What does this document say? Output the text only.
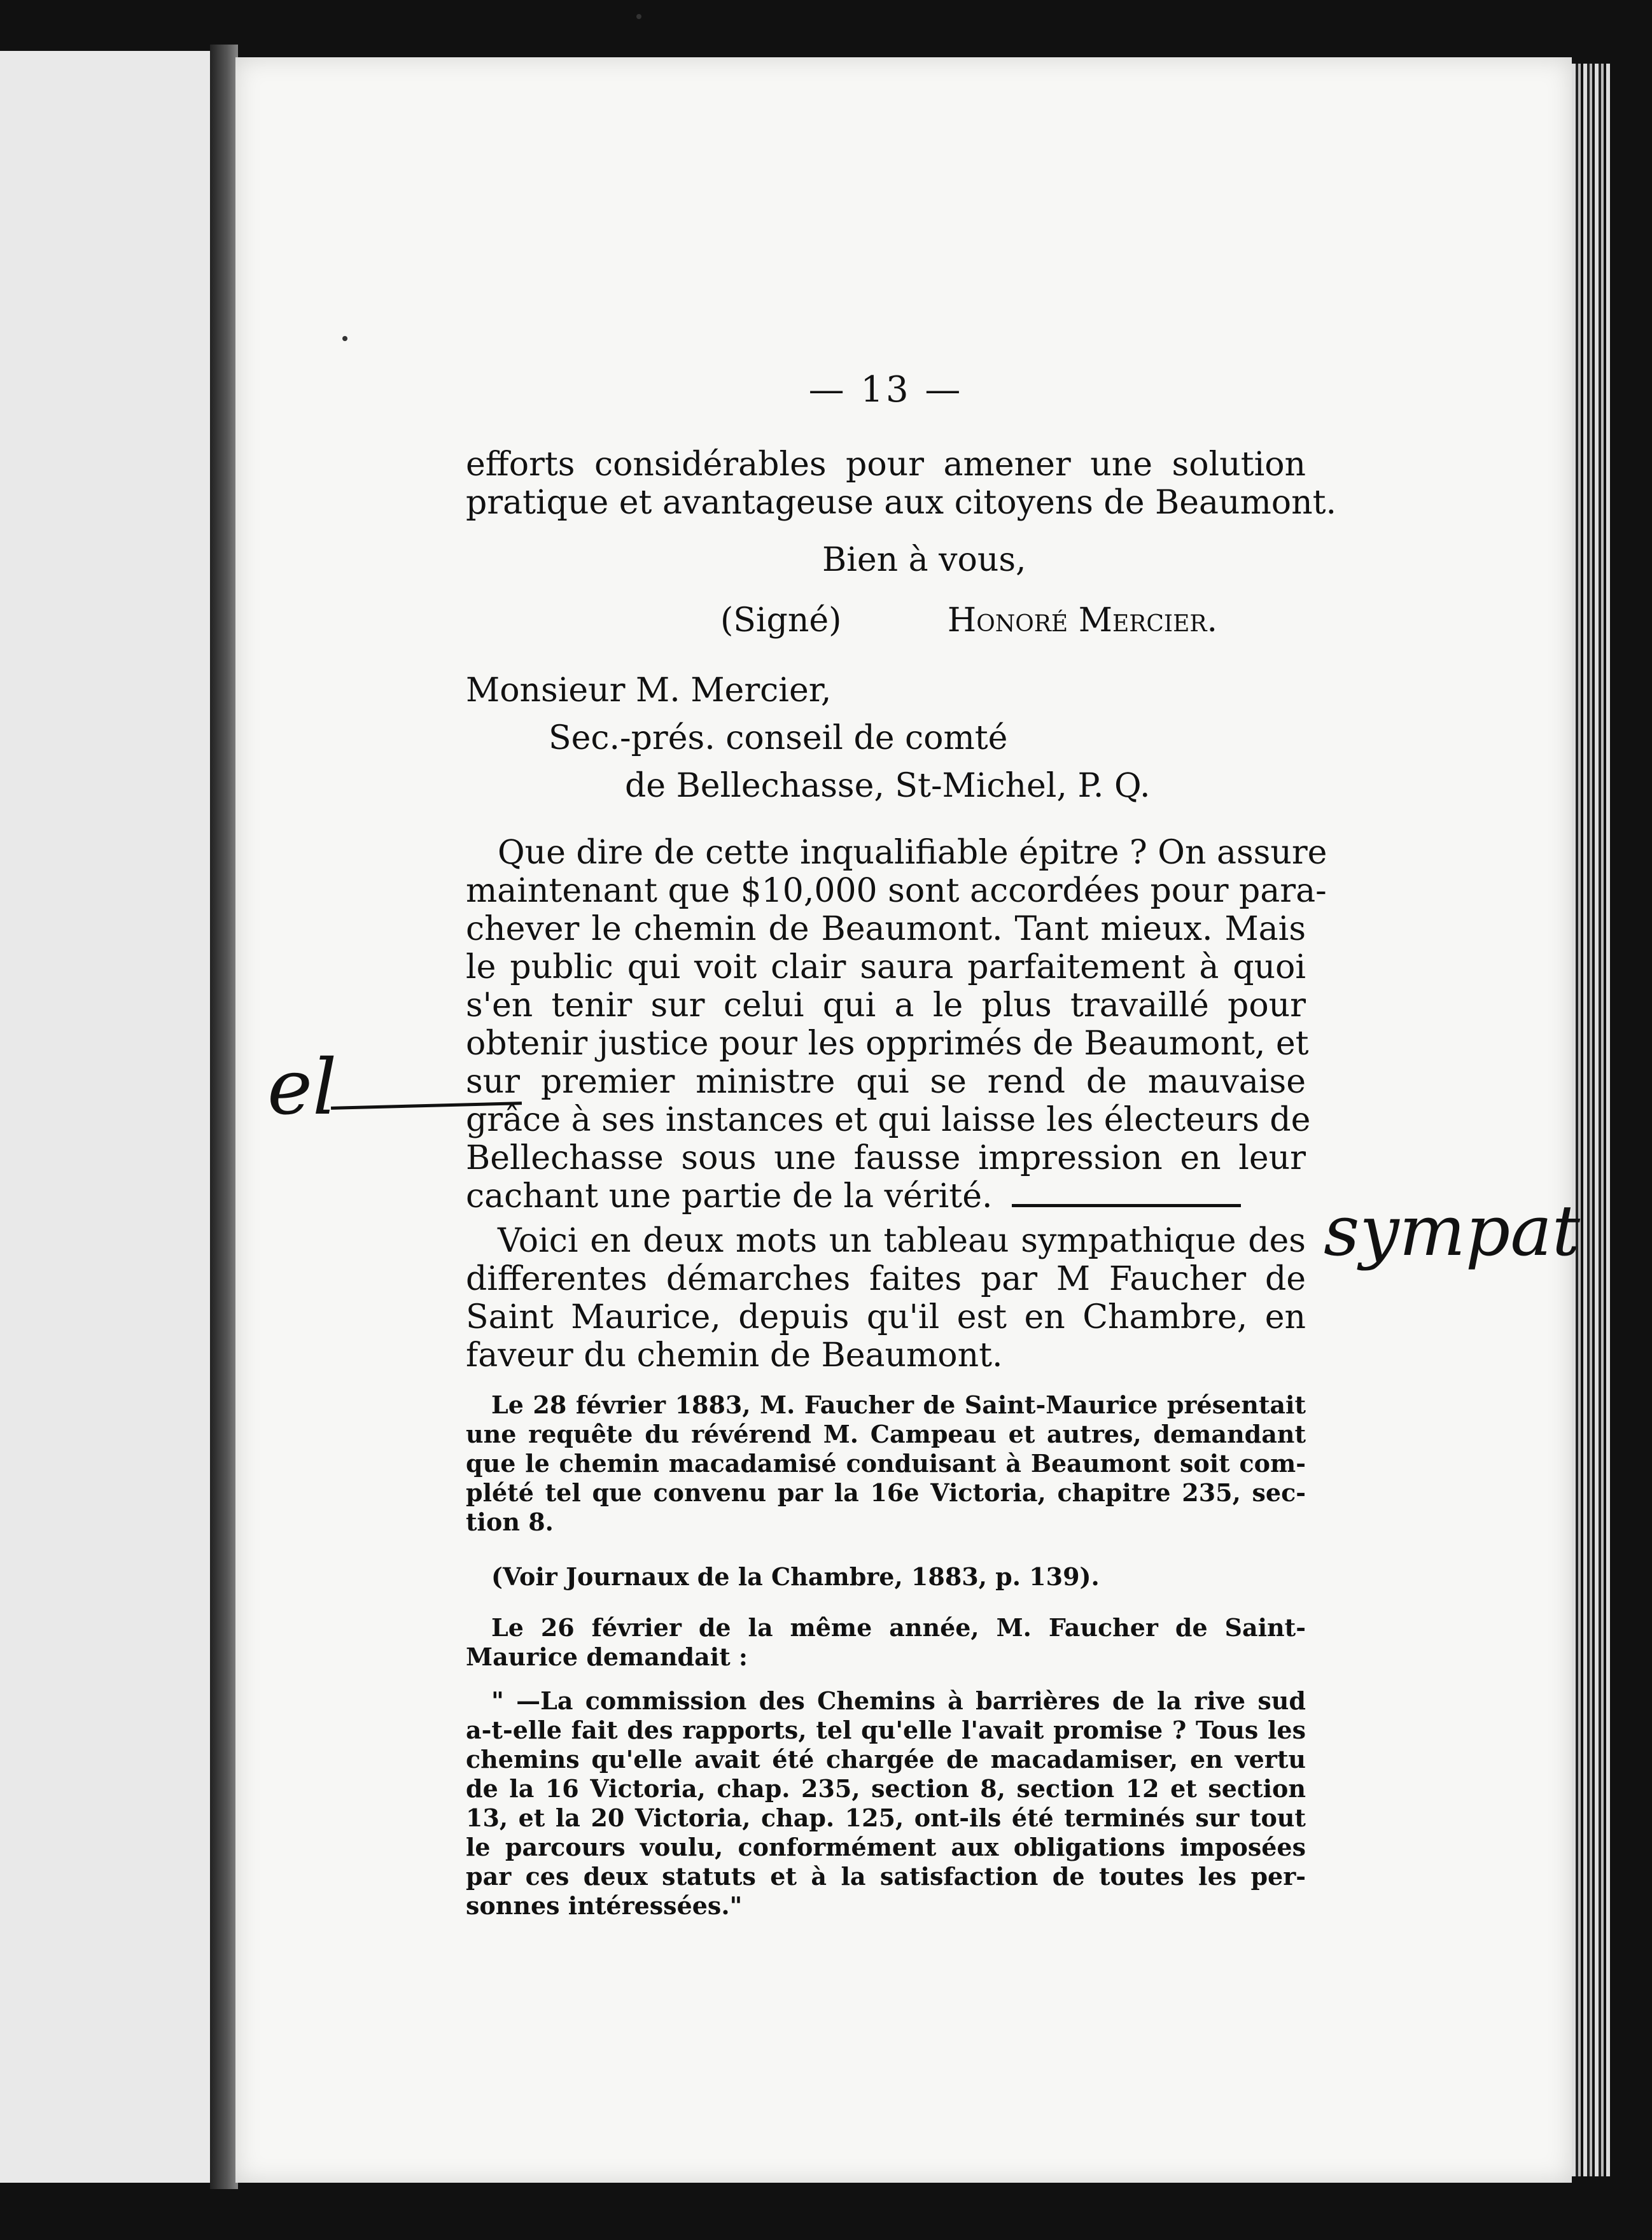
— 13 —
efforts considérables pour amener une solution
pratique et avantageuse aux citoyens de Beaumont.
Bien à vous,
(Signé)	Honoré Mercier.
Monsieur M. Mercier,
Sec.-prés. conseil de comté
de Bellechasse, St-Michel, P. Q.
Que dire de cette inqualifiable épitre ? On assure
maintenant que $10,000 sont accordées pour para-
chever le chemin de Beaumont. Tant mieux. Mais
le public qui voit clair saura parfaitement à quoi
s'en tenir sur celui qui a le plus travaillé pour
obtenir justice pour les opprimés de Beaumont, et
sur premier ministre qui se rend de mauvaise
grâce à ses instances et qui laisse les électeurs de
Bellechasse sous une fausse impression en leur
cachant une partie de la vérité.
Voici en deux mots un tableau sympathique des
differentes démarches faites par M Faucher de
Saint Maurice, depuis qu'il est en Chambre, en
faveur du chemin de Beaumont.
Le 28 février 1883, M. Faucher de Saint-Maurice présentait
une requête du révérend M. Campeau et autres, demandant
que le chemin macadamisé conduisant à Beaumont soit com-
plété tel que convenu par la 16e Victoria, chapitre 235, sec-
tion 8.
(Voir Journaux de la Chambre, 1883, p. 139).
Le 26 février de la même année, M. Faucher de Saint-
Maurice demandait :
" —La commission des Chemins à barrières de la rive sud
a-t-elle fait des rapports, tel qu'elle l'avait promise ? Tous les
chemins qu'elle avait été chargée de macadamiser, en vertu
de la 16 Victoria, chap. 235, section 8, section 12 et section
13, et la 20 Victoria, chap. 125, ont-ils été terminés sur tout
le parcours voulu, conformément aux obligations imposées
par ces deux statuts et à la satisfaction de toutes les per-
sonnes intéressées."
el
sympat
